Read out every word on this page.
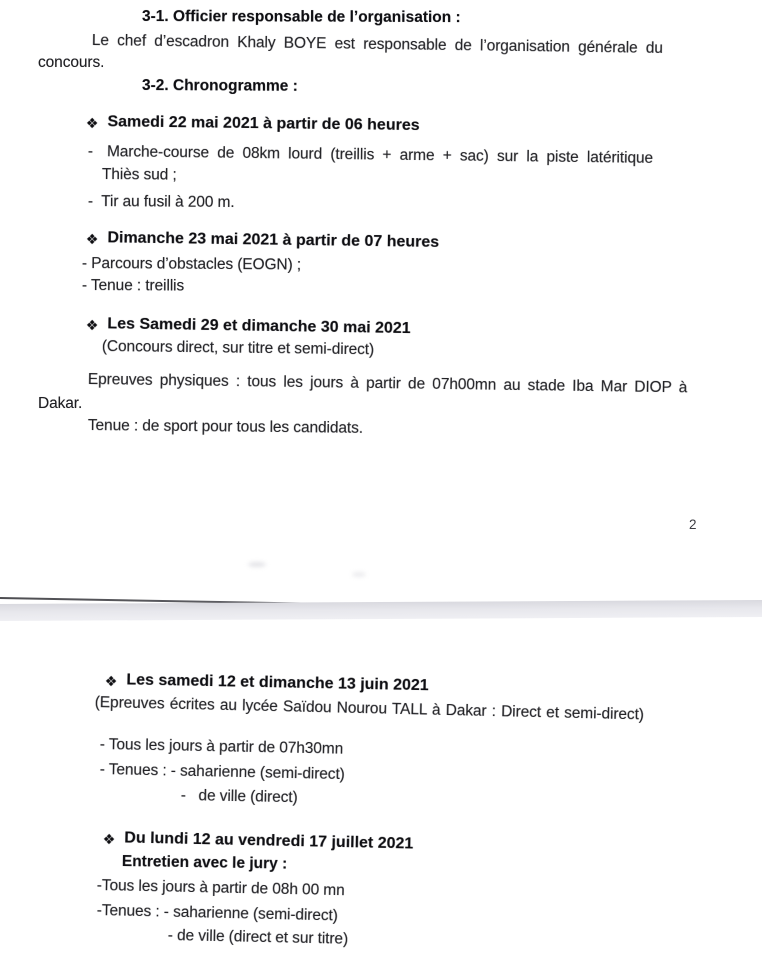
3-1. Officier responsable de l’organisation :
Le chef d’escadron Khaly BOYE est responsable de l’organisation générale du
concours.
3-2. Chronogramme :
❖ Samedi 22 mai 2021 à partir de 06 heures
- Marche-course de 08km lourd (treillis + arme + sac) sur la piste latéritique
Thiès sud ;
-  Tir au fusil à 200 m.
❖ Dimanche 23 mai 2021 à partir de 07 heures
- Parcours d’obstacles (EOGN) ;
- Tenue : treillis
❖ Les Samedi 29 et dimanche 30 mai 2021
(Concours direct, sur titre et semi-direct)
Epreuves physiques : tous les jours à partir de 07h00mn au stade Iba Mar DIOP à
Dakar.
Tenue : de sport pour tous les candidats.
2
❖ Les samedi 12 et dimanche 13 juin 2021
(Epreuves écrites au lycée Saïdou Nourou TALL à Dakar : Direct et semi-direct)
- Tous les jours à partir de 07h30mn
- Tenues : - saharienne (semi-direct)
-   de ville (direct)
❖ Du lundi 12 au vendredi 17 juillet 2021
Entretien avec le jury :
-Tous les jours à partir de 08h 00 mn
-Tenues : - saharienne (semi-direct)
- de ville (direct et sur titre)
